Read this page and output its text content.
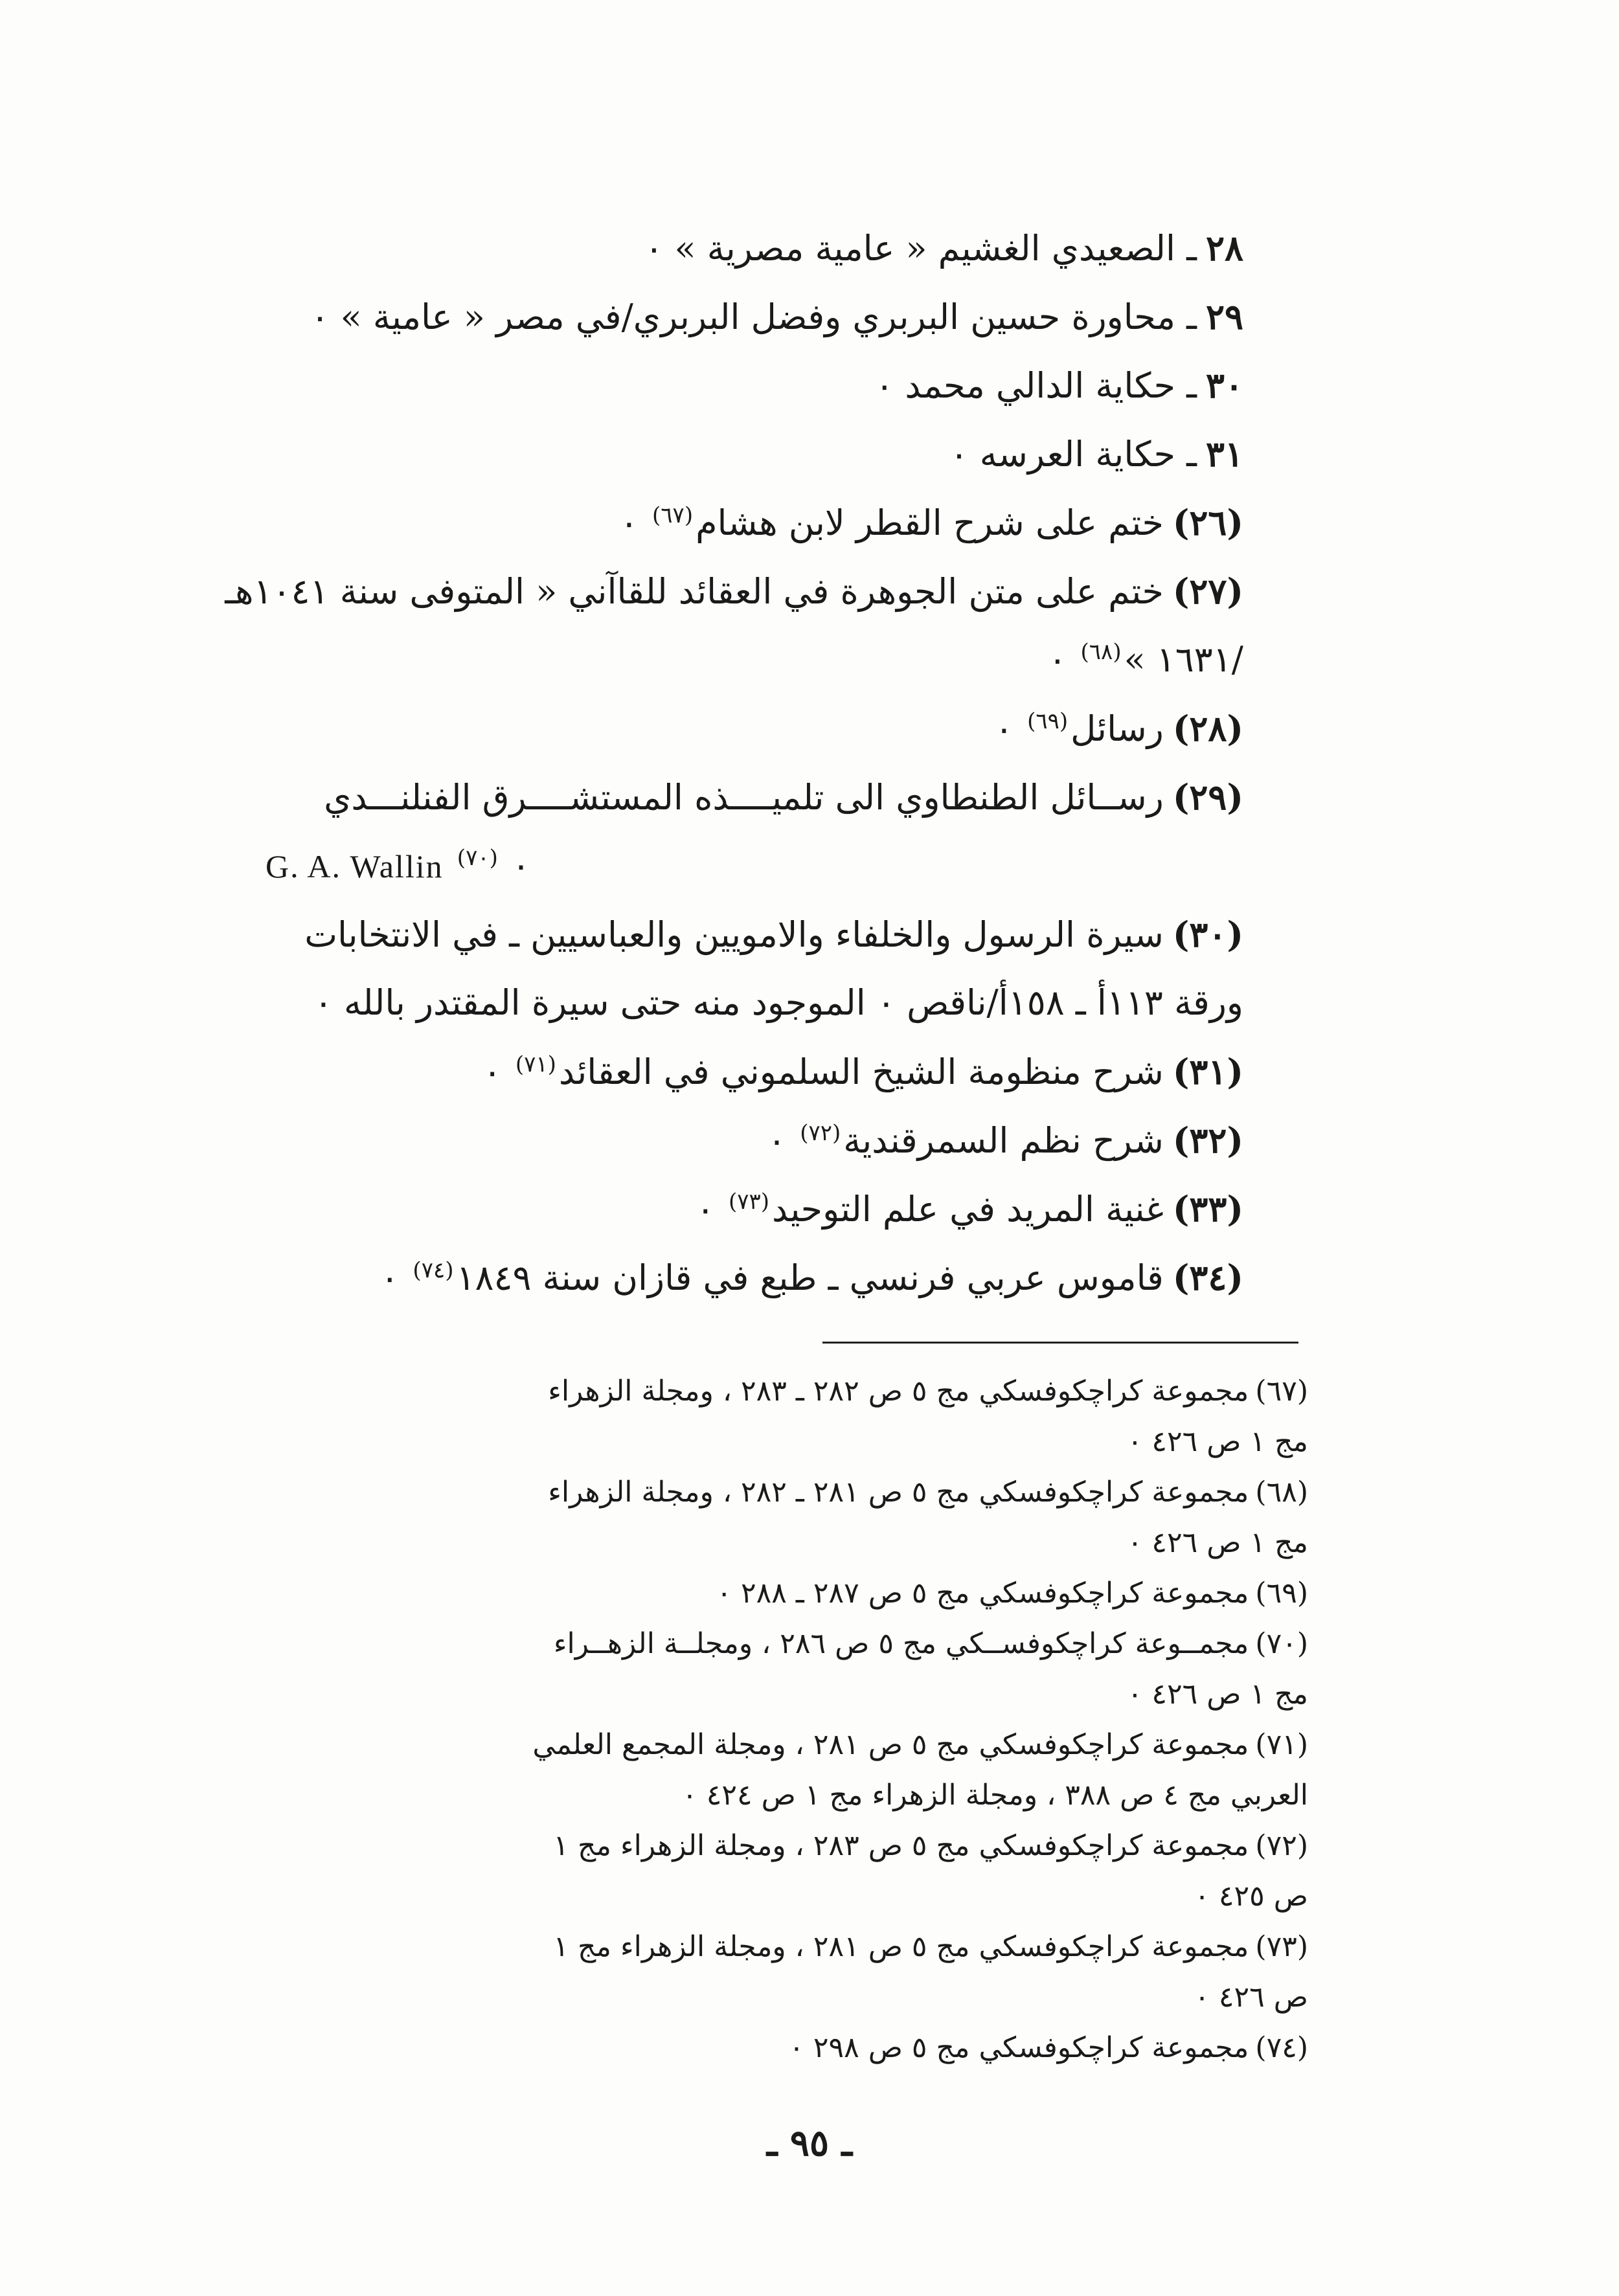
٢٨ـ الصعيدي الغشيم « عامية مصرية » ٠
٢٩ـ محاورة حسين البربري وفضل البربري/في مصر « عامية » ٠
٣٠ـ حكاية الدالي محمد ٠
٣١ـ حكاية العرسه ٠
(٢٦)ختم على شرح القطر لابن هشام$^{(٦٧)}$ ٠
(٢٧)ختم على متن الجوهرة في العقائد للقاآني « المتوفى سنة ١٠٤١هـ
/١٦٣١ »$^{(٦٨)}$ ٠
(٢٨)رسائل$^{(٦٩)}$ ٠
(٢٩)رســائل الطنطاوي الى تلميــــذه المستشــــرق الفنلنـــدي
٠ $^{(٧٠)}$ G. A. Wallin
(٣٠)سيرة الرسول والخلفاء والامويين والعباسيين ـ في الانتخابات
ورقة ١١٣أ ـ ١٥٨أ/ناقص ٠ الموجود منه حتى سيرة المقتدر بالله ٠
(٣١)شرح منظومة الشيخ السلموني في العقائد$^{(٧١)}$ ٠
(٣٢)شرح نظم السمرقندية$^{(٧٢)}$ ٠
(٣٣)غنية المريد في علم التوحيد$^{(٧٣)}$ ٠
(٣٤)قاموس عربي فرنسي ـ طبع في قازان سنة ١٨٤٩$^{(٧٤)}$ ٠
(٦٧)مجموعة كراچكوفسكي مج ٥ ص ٢٨٢ ـ ٢٨٣ ، ومجلة الزهراء
مج ١ ص ٤٢٦ ٠
(٦٨)مجموعة كراچكوفسكي مج ٥ ص ٢٨١ ـ ٢٨٢ ، ومجلة الزهراء
مج ١ ص ٤٢٦ ٠
(٦٩)مجموعة كراچكوفسكي مج ٥ ص ٢٨٧ ـ ٢٨٨ ٠
(٧٠)مجمــوعة كراچكوفســكي مج ٥ ص ٢٨٦ ، ومجلــة الزهــراء
مج ١ ص ٤٢٦ ٠
(٧١)مجموعة كراچكوفسكي مج ٥ ص ٢٨١ ، ومجلة المجمع العلمي
العربي مج ٤ ص ٣٨٨ ، ومجلة الزهراء مج ١ ص ٤٢٤ ٠
(٧٢)مجموعة كراچكوفسكي مج ٥ ص ٢٨٣ ، ومجلة الزهراء مج ١
ص ٤٢٥ ٠
(٧٣)مجموعة كراچكوفسكي مج ٥ ص ٢٨١ ، ومجلة الزهراء مج ١
ص ٤٢٦ ٠
(٧٤)مجموعة كراچكوفسكي مج ٥ ص ٢٩٨ ٠
ـ ٩٥ ـ
